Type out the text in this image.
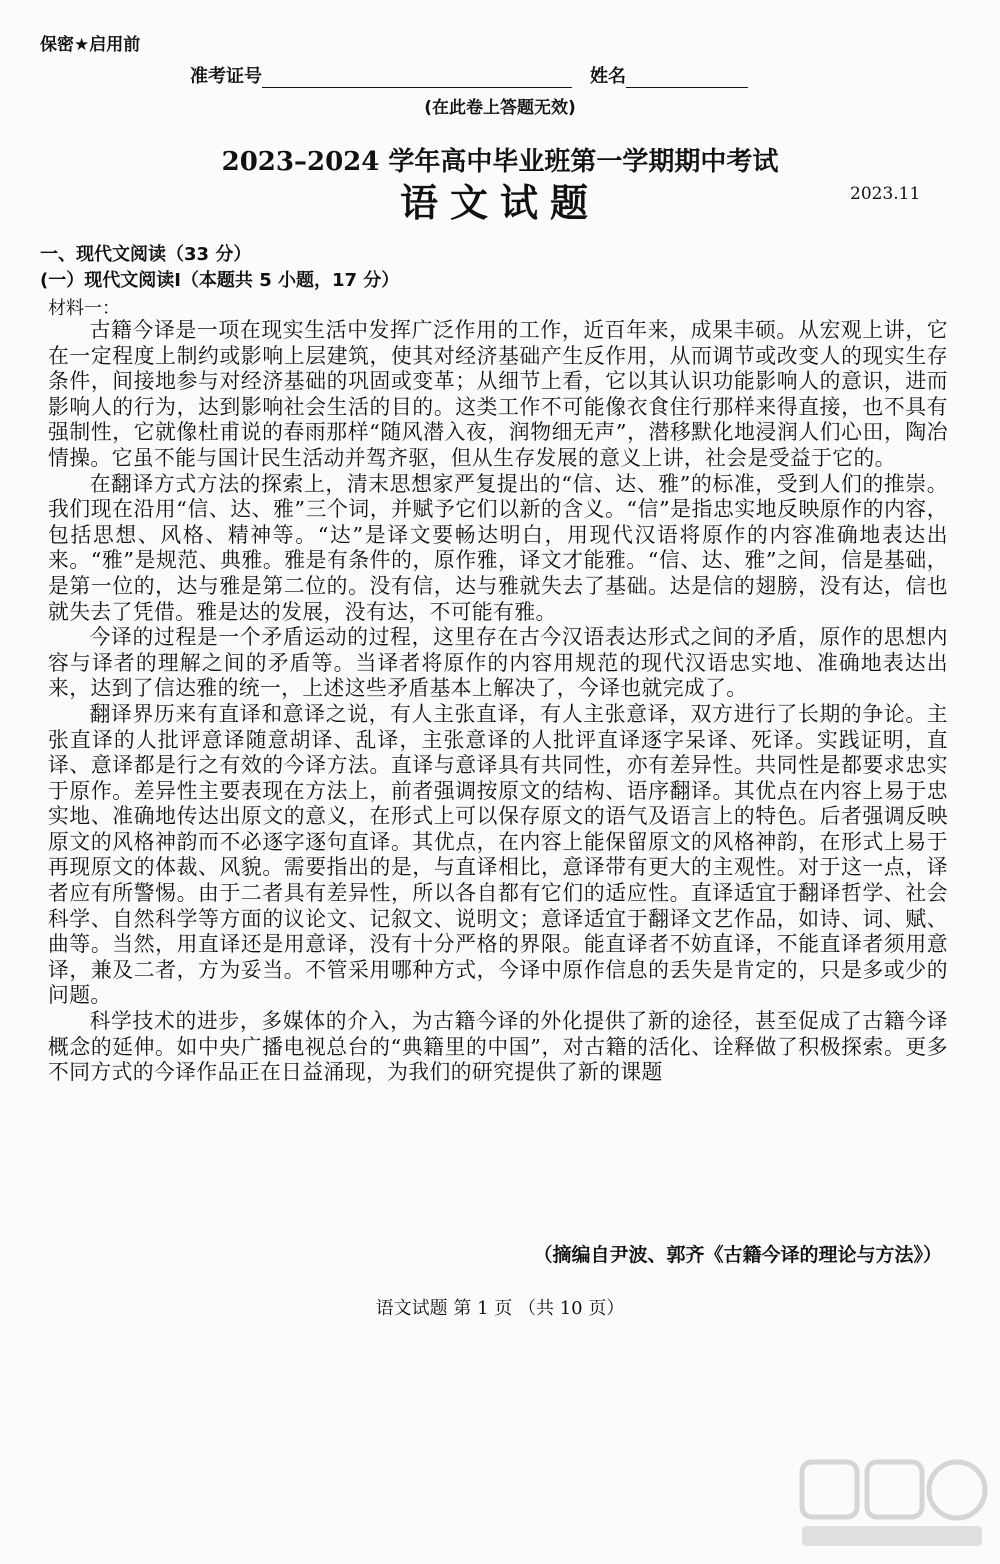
保密★启用前
准考证号	姓名
(在此卷上答题无效)
2023–2024 学年高中毕业班第一学期期中考试
语文试题	2023.11
一、现代文阅读（33 分）
(一）现代文阅读Ⅰ（本题共 5 小题，17 分）
材料一：

古籍今译是一项在现实生活中发挥广泛作用的工作，近百年来，成果丰硕。从宏观上讲，它在一定程度上制约或影响上层建筑，使其对经济基础产生反作用，从而调节或改变人的现实生存条件，间接地参与对经济基础的巩固或变革；从细节上看，它以其认识功能影响人的意识，进而影响人的行为，达到影响社会生活的目的。这类工作不可能像衣食住行那样来得直接，也不具有强制性，它就像杜甫说的春雨那样“随风潜入夜，润物细无声”，潜移默化地浸润人们心田，陶冶情操。它虽不能与国计民生活动并驾齐驱，但从生存发展的意义上讲，社会是受益于它的。

在翻译方式方法的探索上，清末思想家严复提出的“信、达、雅”的标准，受到人们的推崇。我们现在沿用“信、达、雅”三个词，并赋予它们以新的含义。“信”是指忠实地反映原作的内容，包括思想、风格、精神等。“达”是译文要畅达明白，用现代汉语将原作的内容准确地表达出来。“雅”是规范、典雅。雅是有条件的，原作雅，译文才能雅。“信、达、雅”之间，信是基础，是第一位的，达与雅是第二位的。没有信，达与雅就失去了基础。达是信的翅膀，没有达，信也就失去了凭借。雅是达的发展，没有达，不可能有雅。

今译的过程是一个矛盾运动的过程，这里存在古今汉语表达形式之间的矛盾，原作的思想内容与译者的理解之间的矛盾等。当译者将原作的内容用规范的现代汉语忠实地、准确地表达出来，达到了信达雅的统一，上述这些矛盾基本上解决了，今译也就完成了。

翻译界历来有直译和意译之说，有人主张直译，有人主张意译，双方进行了长期的争论。主张直译的人批评意译随意胡译、乱译，主张意译的人批评直译逐字呆译、死译。实践证明，直译、意译都是行之有效的今译方法。直译与意译具有共同性，亦有差异性。共同性是都要求忠实于原作。差异性主要表现在方法上，前者强调按原文的结构、语序翻译。其优点在内容上易于忠实地、准确地传达出原文的意义，在形式上可以保存原文的语气及语言上的特色。后者强调反映原文的风格神韵而不必逐字逐句直译。其优点，在内容上能保留原文的风格神韵，在形式上易于再现原文的体裁、风貌。需要指出的是，与直译相比，意译带有更大的主观性。对于这一点，译者应有所警惕。由于二者具有差异性，所以各自都有它们的适应性。直译适宜于翻译哲学、社会科学、自然科学等方面的议论文、记叙文、说明文；意译适宜于翻译文艺作品，如诗、词、赋、曲等。当然，用直译还是用意译，没有十分严格的界限。能直译者不妨直译，不能直译者须用意译，兼及二者，方为妥当。不管采用哪种方式，今译中原作信息的丢失是肯定的，只是多或少的问题。

科学技术的进步，多媒体的介入，为古籍今译的外化提供了新的途径，甚至促成了古籍今译概念的延伸。如中央广播电视总台的“典籍里的中国”，对古籍的活化、诠释做了积极探索。更多不同方式的今译作品正在日益涌现，为我们的研究提供了新的课题

（摘编自尹波、郭齐《古籍今译的理论与方法》）
语文试题 第 1 页 （共 10 页）
